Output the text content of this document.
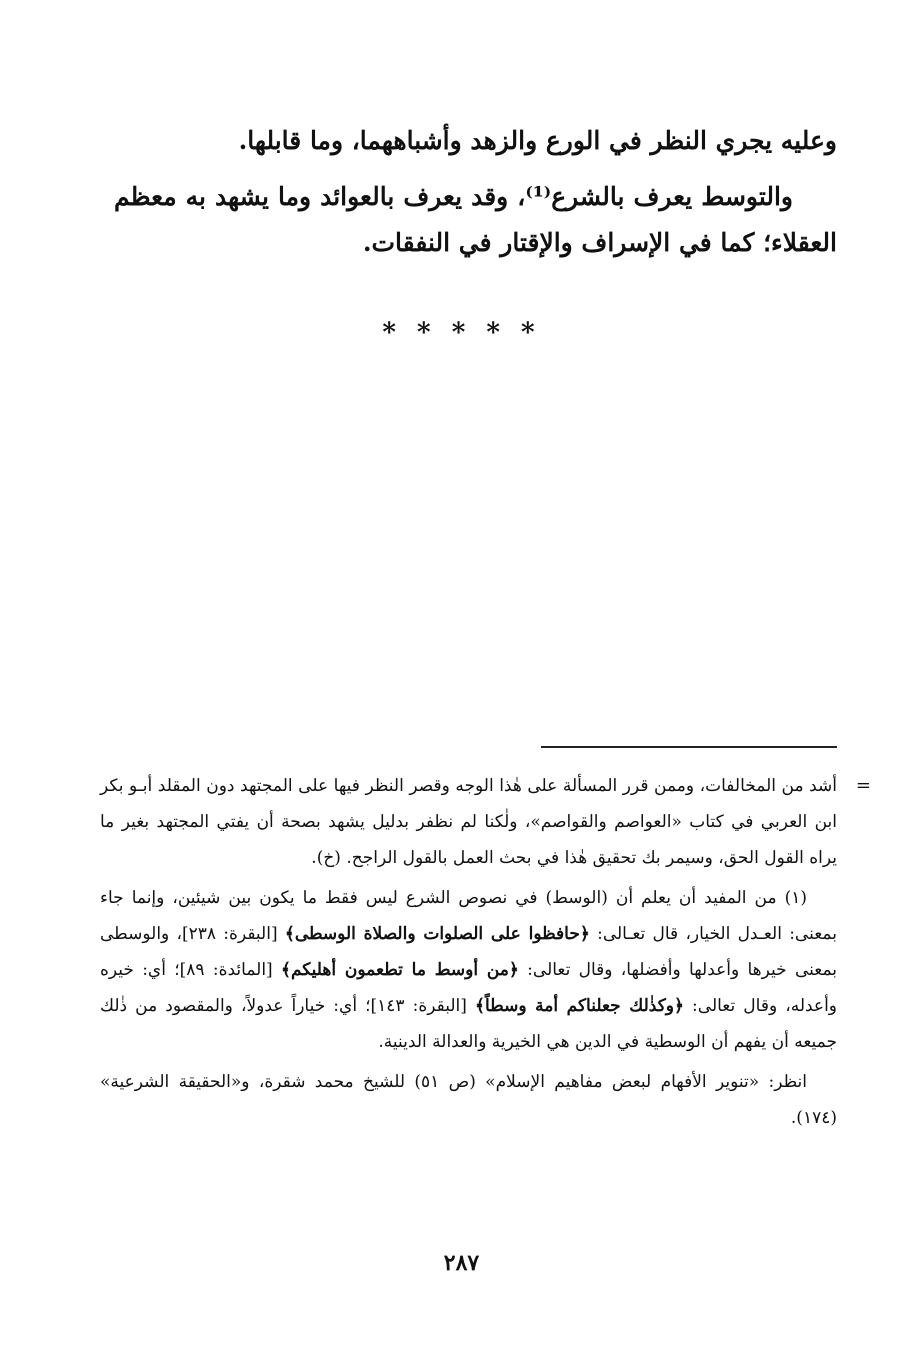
وعليه يجري النظر في الورع والزهد وأشباههما، وما قابلها.

والتوسط يعرف بالشرع⁽¹⁾، وقد يعرف بالعوائد وما يشهد به معظم العقلاء؛ كما في الإسراف والإقتار في النفقات.

* * * * *

=
أشد من المخالفات، وممن قرر المسألة على هٰذا الوجه وقصر النظر فيها على المجتهد دون المقلد أبـو بكر ابن العربي في كتاب «العواصم والقواصم»، ولٰكنا لم نظفر بدليل يشهد بصحة أن يفتي المجتهد بغير ما يراه القول الحق، وسيمر بك تحقيق هٰذا في بحث العمل بالقول الراجح. (خ).

(١) من المفيد أن يعلم أن (الوسط) في نصوص الشرع ليس فقط ما يكون بين شيئين، وإنما جاء بمعنى: العـدل الخيار، قال تعـالى: ﴿حافظوا على الصلوات والصلاة الوسطى﴾ [البقرة: ٢٣٨]، والوسطى بمعنى خيرها وأعدلها وأفضلها، وقال تعالى: ﴿من أوسط ما تطعمون أهليكم﴾ [المائدة: ٨٩]؛ أي: خيره وأعدله، وقال تعالى: ﴿وكذٰلك جعلناكم أمة وسطاً﴾ [البقرة: ١٤٣]؛ أي: خياراً عدولاً، والمقصود من ذٰلك جميعه أن يفهم أن الوسطية في الدين هي الخيرية والعدالة الدينية.

انظر: «تنوير الأفهام لبعض مفاهيم الإسلام» (ص ٥١) للشيخ محمد شقرة، و«الحقيقة الشرعية» (١٧٤).

٢٨٧
